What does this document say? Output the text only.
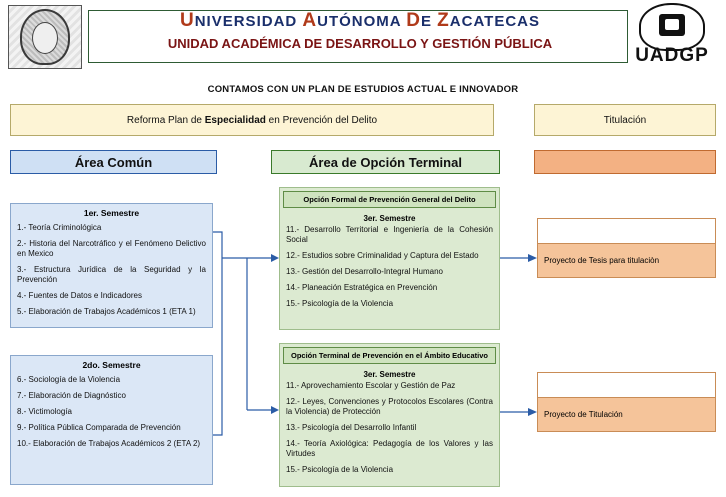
UNIVERSIDAD AUTÓNOMA DE ZACATECAS
UNIDAD ACADÉMICA DE DESARROLLO Y GESTIÓN PÚBLICA
UADGP
CONTAMOS CON UN PLAN DE ESTUDIOS ACTUAL E INNOVADOR
Reforma Plan de Especialidad en Prevención del Delito	Titulación
Área Común	Área de Opción Terminal
1er. Semestre
1.- Teoría Criminológica
2.- Historia del Narcotráfico y el Fenómeno Delictivo en Mexico
3.- Estructura Jurídica de la Seguridad y la Prevención
4.- Fuentes de Datos e Indicadores
5.- Elaboración de Trabajos Académicos 1 (ETA 1)
2do. Semestre
6.- Sociología de la Violencia
7.- Elaboración de Diagnóstico
8.- Victimología
9.- Política Pública Comparada de Prevención
10.- Elaboración de Trabajos Académicos 2 (ETA 2)
Opción Formal de Prevención General del Delito
3er. Semestre
11.- Desarrollo Territorial e Ingeniería de la Cohesión Social
12.- Estudios sobre Criminalidad y Captura del Estado
13.- Gestión del Desarrollo-Integral Humano
14.- Planeación Estratégica en Prevención
15.- Psicología de la Violencia
Opción Terminal de Prevención en el Ámbito Educativo
3er. Semestre
11.- Aprovechamiento Escolar y Gestión de Paz
12.- Leyes, Convenciones y Protocolos Escolares (Contra la Violencia) de Protección
13.- Psicología del Desarrollo Infantil
14.- Teoría Axiológica: Pedagogía de los Valores y las Virtudes
15.- Psicología de la Violencia
Proyecto de Tesis para titulaciòn
Proyecto de Titulación
